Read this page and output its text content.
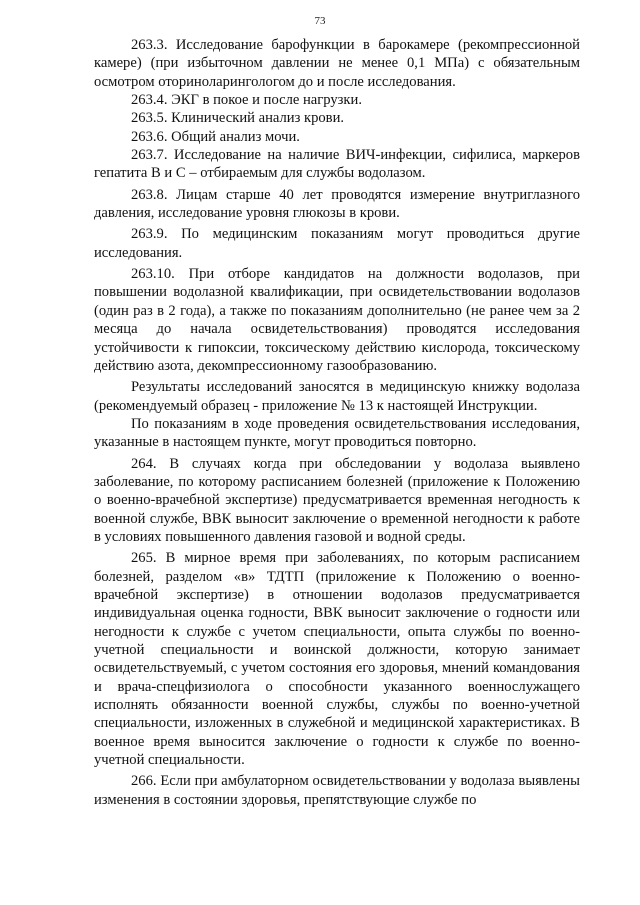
73

263.3. Исследование барофункции в барокамере (рекомпрессионной камере) (при избыточном давлении не менее 0,1 МПа) с обязательным осмотром оториноларингологом до и после исследования.

263.4. ЭКГ в покое и после нагрузки.

263.5. Клинический анализ крови.

263.6. Общий анализ мочи.

263.7. Исследование на наличие ВИЧ-инфекции, сифилиса, маркеров гепатита В и С – отбираемым для службы водолазом.

263.8. Лицам старше 40 лет проводятся измерение внутриглазного давления, исследование уровня глюкозы в крови.

263.9. По медицинским показаниям могут проводиться другие исследования.

263.10. При отборе кандидатов на должности водолазов, при повышении водолазной квалификации, при освидетельствовании водолазов (один раз в 2 года), а также по показаниям дополнительно (не ранее чем за 2 месяца до начала освидетельствования) проводятся исследования устойчивости к гипоксии, токсическому действию кислорода, токсическому действию азота, декомпрессионному газообразованию.

Результаты исследований заносятся в медицинскую книжку водолаза (рекомендуемый образец - приложение № 13 к настоящей Инструкции.

По показаниям в ходе проведения освидетельствования исследования, указанные в настоящем пункте, могут проводиться повторно.

264. В случаях когда при обследовании у водолаза выявлено заболевание, по которому расписанием болезней (приложение к Положению о военно-врачебной экспертизе) предусматривается временная негодность к военной службе, ВВК выносит заключение о временной негодности к работе в условиях повышенного давления газовой и водной среды.

265. В мирное время при заболеваниях, по которым расписанием болезней, разделом «в» ТДТП (приложение к Положению о военно-врачебной экспертизе) в отношении водолазов предусматривается индивидуальная оценка годности, ВВК выносит заключение о годности или негодности к службе с учетом специальности, опыта службы по военно-учетной специальности и воинской должности, которую занимает освидетельствуемый, с учетом состояния его здоровья, мнений командования и врача-спецфизиолога о способности указанного военнослужащего исполнять обязанности военной службы, службы по военно-учетной специальности, изложенных в служебной и медицинской характеристиках. В военное время выносится заключение о годности к службе по военно-учетной специальности.

266. Если при амбулаторном освидетельствовании у водолаза выявлены изменения в состоянии здоровья, препятствующие службе по
